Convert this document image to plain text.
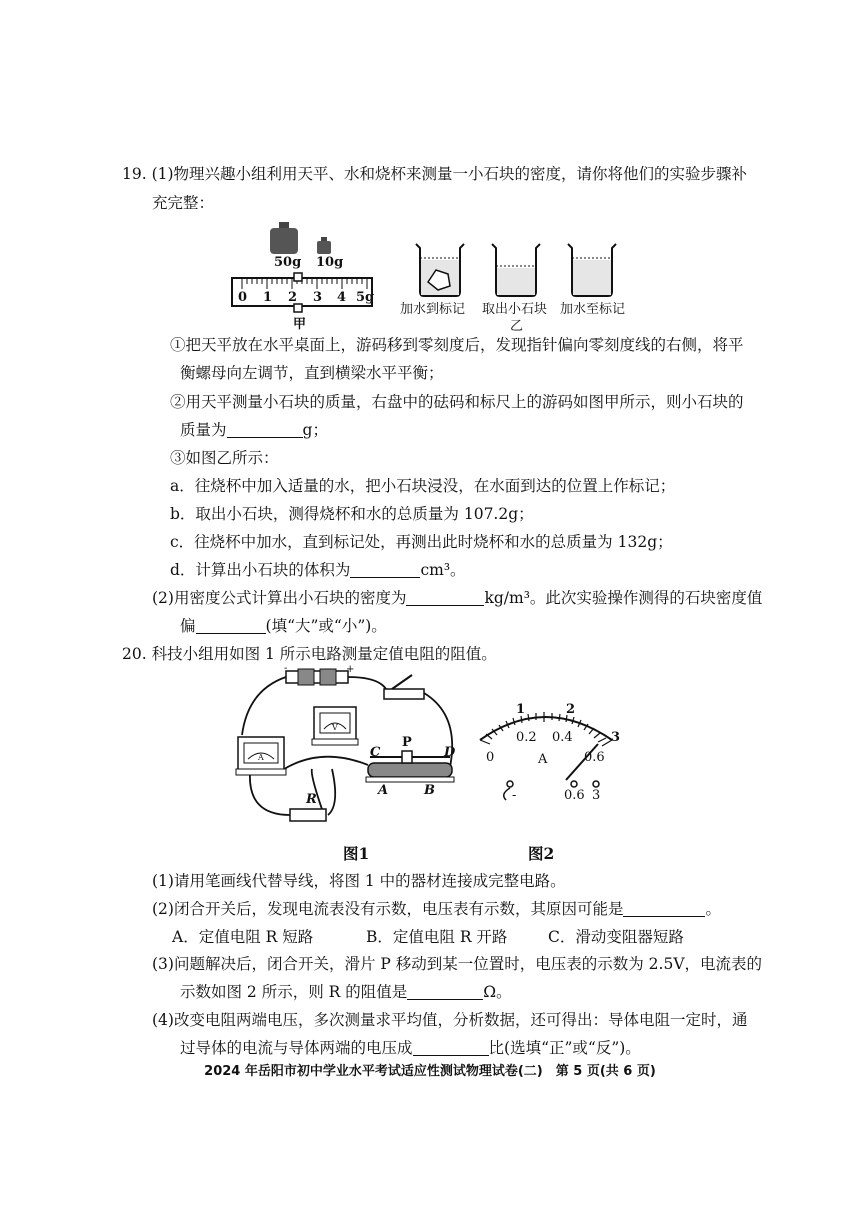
19. (1)物理兴趣小组利用天平、水和烧杯来测量一小石块的密度，请你将他们的实验步骤补
充完整：
50g 10g
0 1 2 3 4 5g
甲
加水到标记 取出小石块 加水至标记
乙
①把天平放在水平桌面上，游码移到零刻度后，发现指针偏向零刻度线的右侧，将平
衡螺母向左调节，直到横梁水平平衡；
②用天平测量小石块的质量，右盘中的砝码和标尺上的游码如图甲所示，则小石块的
质量为	g；
③如图乙所示：
a．往烧杯中加入适量的水，把小石块浸没，在水面到达的位置上作标记；
b．取出小石块，测得烧杯和水的总质量为 107.2g；
c．往烧杯中加水，直到标记处，再测出此时烧杯和水的总质量为 132g；
d．计算出小石块的体积为	cm³。
(2)用密度公式计算出小石块的密度为	kg/m³。此次实验操作测得的石块密度值
偏	(填“大”或“小”)。
20. 科技小组用如图 1 所示电路测量定值电阻的阻值。
-	+
A
V
R
C
P
D
A	B
图1
1	2
3
0
0.2 0.4
0.6
A
-	0.6 3
图2
(1)请用笔画线代替导线，将图 1 中的器材连接成完整电路。
(2)闭合开关后，发现电流表没有示数，电压表有示数，其原因可能是	。
A．定值电阻 R 短路	B．定值电阻 R 开路	C．滑动变阻器短路
(3)问题解决后，闭合开关，滑片 P 移动到某一位置时，电压表的示数为 2.5V，电流表的
示数如图 2 所示，则 R 的阻值是	Ω。
(4)改变电阻两端电压，多次测量求平均值，分析数据，还可得出：导体电阻一定时，通
过导体的电流与导体两端的电压成	比(选填“正”或“反”)。
2024 年岳阳市初中学业水平考试适应性测试物理试卷(二)　第 5 页(共 6 页)
